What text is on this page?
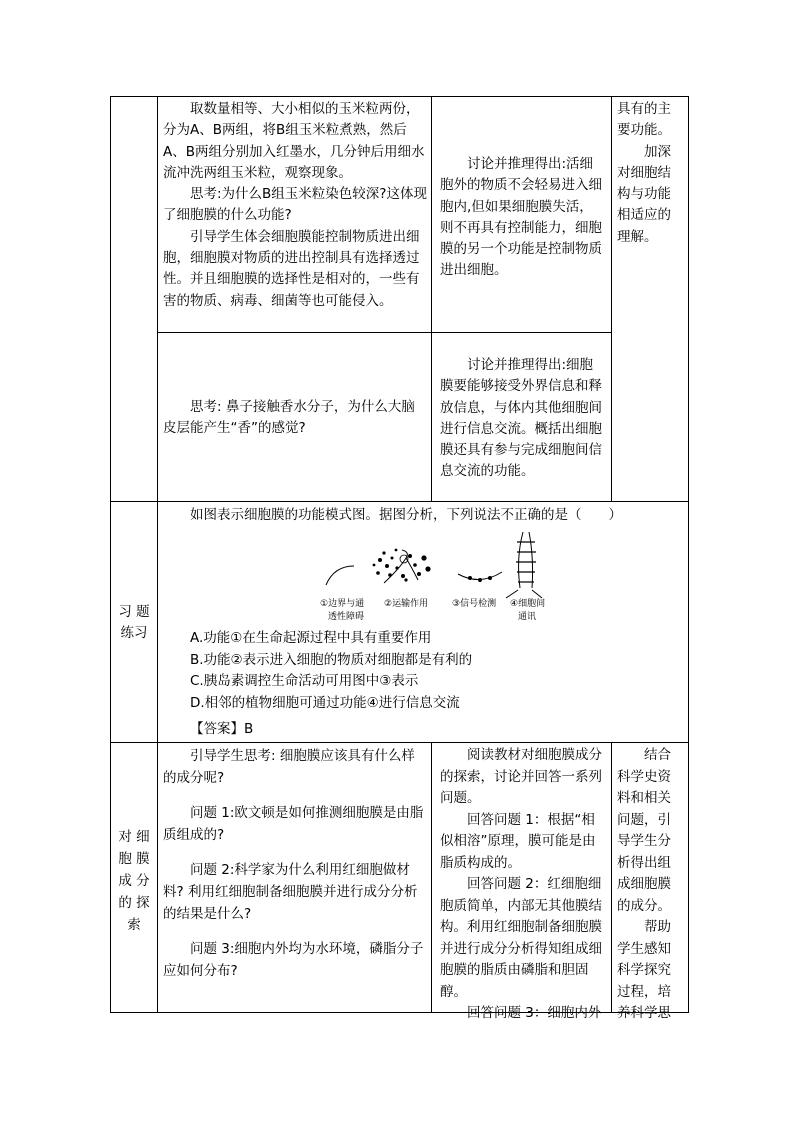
取数量相等、大小相似的玉米粒两份，分为A、B两组，将B组玉米粒煮熟，然后 A、B两组分别加入红墨水，几分钟后用细水流冲洗两组玉米粒，观察现象。

思考:为什么B组玉米粒染色较深?这体现了细胞膜的什么功能?

引导学生体会细胞膜能控制物质进出细胞，细胞膜对物质的进出控制具有选择透过性。并且细胞膜的选择性是相对的，一些有害的物质、病毒、细菌等也可能侵入。

讨论并推理得出:活细胞外的物质不会轻易进入细胞内,但如果细胞膜失活，则不再具有控制能力，细胞膜的另一个功能是控制物质进出细胞。

具有的主要功能。

加深对细胞结构与功能相适应的理解。

思考: 鼻子接触香水分子，为什么大脑皮层能产生“香”的感觉?

讨论并推理得出:细胞膜要能够接受外界信息和释放信息，与体内其他细胞间进行信息交流。概括出细胞膜还具有参与完成细胞间信息交流的功能。

习 题
练习

如图表示细胞膜的功能模式图。据图分析，下列说法不正确的是（　　）

①边界与通
透性障碍
②运输作用	③信号检测 ④细胞间
通讯
A.功能①在生命起源过程中具有重要作用
B.功能②表示进入细胞的物质对细胞都是有利的
C.胰岛素调控生命活动可用图中③表示
D.相邻的植物细胞可通过功能④进行信息交流
【答案】B
对 细
胞 膜
成 分
的 探
索

引导学生思考: 细胞膜应该具有什么样的成分呢?

问题 1:欧文顿是如何推测细胞膜是由脂质组成的?

问题 2:科学家为什么利用红细胞做材料? 利用红细胞制备细胞膜并进行成分分析的结果是什么?

问题 3:细胞内外均为水环境，磷脂分子应如何分布?

阅读教材对细胞膜成分的探索，讨论并回答一系列问题。

回答问题 1：根据“相似相溶”原理，膜可能是由脂质构成的。

回答问题 2：红细胞细胞质简单，内部无其他膜结构。利用红细胞制备细胞膜并进行成分分析得知组成细胞膜的脂质由磷脂和胆固醇。

回答问题 3：细胞内外

结合科学史资料和相关问题，引导学生分析得出组成细胞膜的成分。

帮助学生感知科学探究过程，培养科学思
